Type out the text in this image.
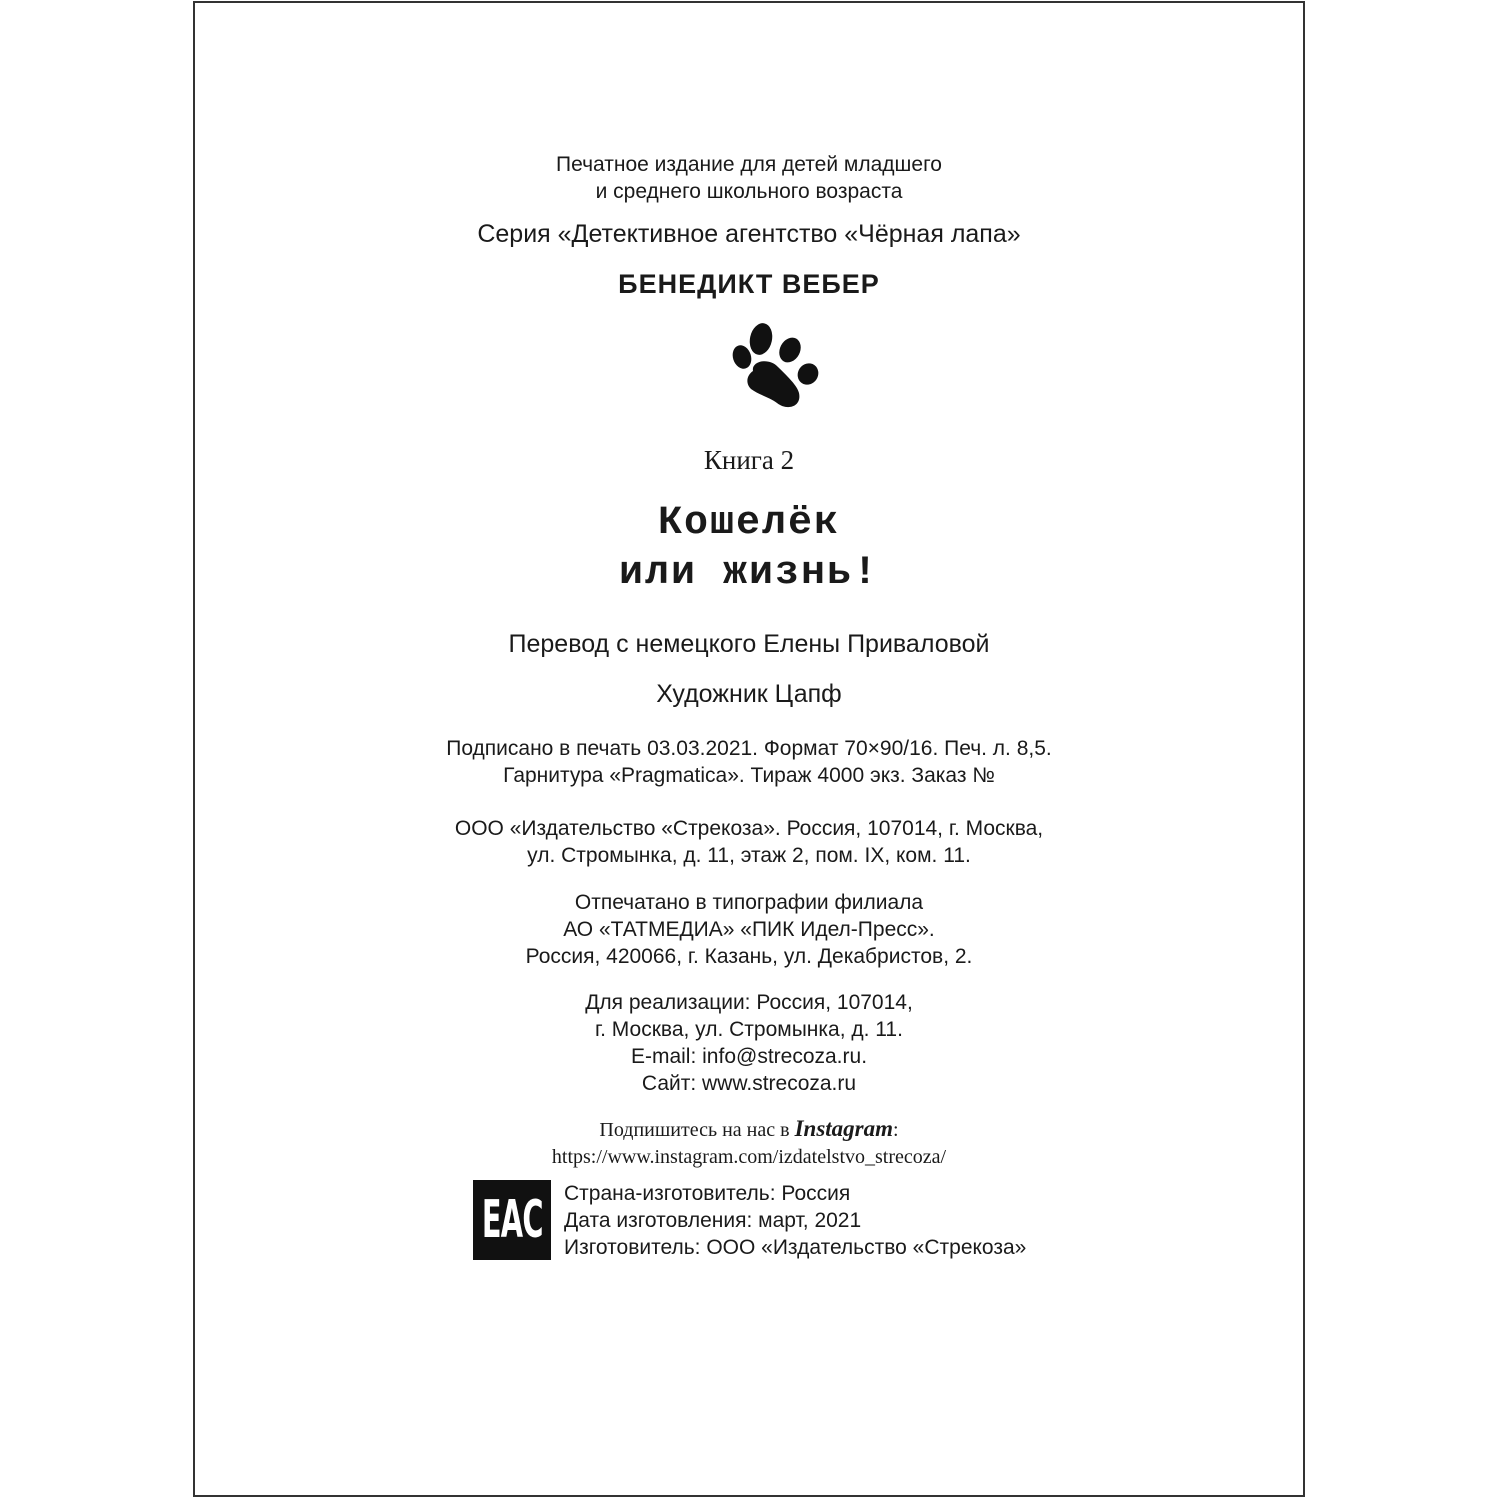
Печатное издание для детей младшего
и среднего школьного возраста
Серия «Детективное агентство «Чёрная лапа»
БЕНЕДИКТ ВЕБЕР
Книга 2
Кошелёк
или жизнь!
Перевод с немецкого Елены Приваловой
Художник Цапф
Подписано в печать 03.03.2021. Формат 70×90/16. Печ. л. 8,5.
Гарнитура «Pragmatica». Тираж 4000 экз. Заказ №
ООО «Издательство «Стрекоза». Россия, 107014, г. Москва,
ул. Стромынка, д. 11, этаж 2, пом. IX, ком. 11.
Отпечатано в типографии филиала
АО «ТАТМЕДИА» «ПИК Идел-Пресс».
Россия, 420066, г. Казань, ул. Декабристов, 2.
Для реализации: Россия, 107014,
г. Москва, ул. Стромынка, д. 11.
E-mail: info@strecoza.ru.
Сайт: www.strecoza.ru
Подпишитесь на нас в Instagram:
https://www.instagram.com/izdatelstvo_strecoza/
EAC Страна-изготовитель: Россия
Дата изготовления: март, 2021
Изготовитель: ООО «Издательство «Стрекоза»
